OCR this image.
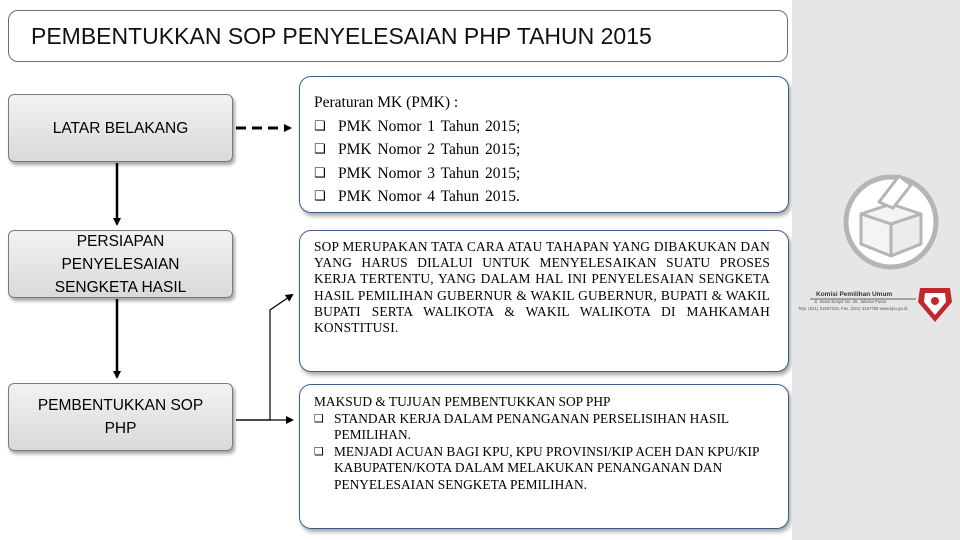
PEMBENTUKKAN SOP PENYELESAIAN PHP TAHUN 2015
LATAR BELAKANG
PERSIAPAN
PENYELESAIAN
SENGKETA HASIL
PEMBENTUKKAN SOP
PHP
Peraturan MK (PMK) :
❑ PMK Nomor 1 Tahun 2015;
❑ PMK Nomor 2 Tahun 2015;
❑ PMK Nomor 3 Tahun 2015;
❑ PMK Nomor 4 Tahun 2015.
SOP MERUPAKAN TATA CARA ATAU TAHAPAN YANG DIBAKUKAN DAN YANG HARUS DILALUI UNTUK MENYELESAIKAN SUATU PROSES KERJA TERTENTU, YANG DALAM HAL INI PENYELESAIAN SENGKETA HASIL PEMILIHAN GUBERNUR & WAKIL GUBERNUR, BUPATI & WAKIL BUPATI SERTA WALIKOTA & WAKIL WALIKOTA DI MAHKAMAH KONSTITUSI.
MAKSUD & TUJUAN PEMBENTUKKAN SOP PHP
❑ STANDAR KERJA DALAM PENANGANAN PERSELISIHAN HASIL PEMILIHAN.
❑ MENJADI ACUAN BAGI KPU, KPU PROVINSI/KIP ACEH DAN KPU/KIP KABUPATEN/KOTA DALAM MELAKUKAN PENANGANAN DAN PENYELESAIAN SENGKETA PEMILIHAN.
Komisi Pemilihan Umum
Jl. Imam Bonjol No. 29, Jakarta Pusat
Telp. (021) 31937223, Fax. (021) 3157759 www.kpu.go.id
